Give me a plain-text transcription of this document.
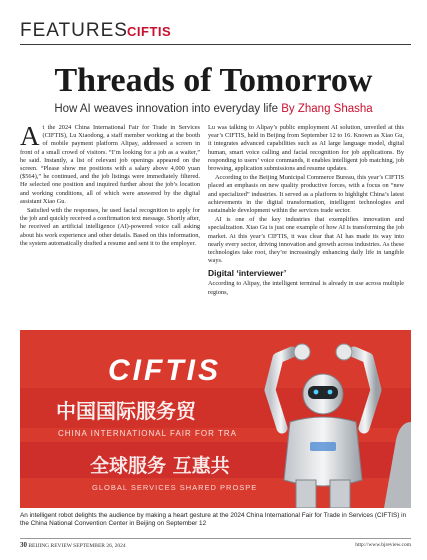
FEATURES CIFTIS
Threads of Tomorrow
How AI weaves innovation into everyday life By Zhang Shasha

At the 2024 China International Fair for Trade in Services (CIFTIS), Lu Xiaodong, a staff member working at the booth of mobile payment platform Alipay, addressed a screen in front of a small crowd of visitors. “I’m looking for a job as a waiter,” he said. Instantly, a list of relevant job openings appeared on the screen. “Please show me positions with a salary above 4,000 yuan ($564),” he continued, and the job listings were immediately filtered. He selected one position and inquired further about the job’s location and working conditions, all of which were answered by the digital assistant Xiao Gu.

Satisfied with the responses, he used facial recognition to apply for the job and quickly received a confirmation text message. Shortly after, he received an artificial intelligence (AI)-powered voice call asking about his work experience and other details. Based on this information, the system automatically drafted a resume and sent it to the employer.

Lu was talking to Alipay’s public employment AI solution, unveiled at this year’s CIFTIS, held in Beijing from September 12 to 16. Known as Xiao Gu, it integrates advanced capabilities such as AI large language model, digital human, smart voice calling and facial recognition for job applications. By responding to users’ voice commands, it enables intelligent job matching, job browsing, application submissions and resume updates.

According to the Beijing Municipal Commerce Bureau, this year’s CIFTIS placed an emphasis on new quality productive forces, with a focus on “new and specialized” industries. It served as a platform to highlight China’s latest achievements in the digital transformation, intelligent technologies and sustainable development within the services trade sector.

AI is one of the key industries that exemplifies innovation and specialization. Xiao Gu is just one example of how AI is transforming the job market. At this year’s CIFTIS, it was clear that AI has made its way into nearly every sector, driving innovation and growth across industries. As these technologies take root, they’re increasingly enhancing daily life in tangible ways.

Digital ‘interviewer’

According to Alipay, the intelligent terminal is already in use across multiple regions,

CIFTIS
中国国际服务贸
CHINA INTERNATIONAL FAIR FOR TRA
全球服务 互惠共
GLOBAL SERVICES SHARED PROSPE
An intelligent robot delights the audience by making a heart gesture at the 2024 China International Fair for Trade in Services (CIFTIS) in the China National Convention Center in Beijing on September 12
30 BEIJING REVIEW SEPTEMBER 26, 2024	http://www.bjreview.com
